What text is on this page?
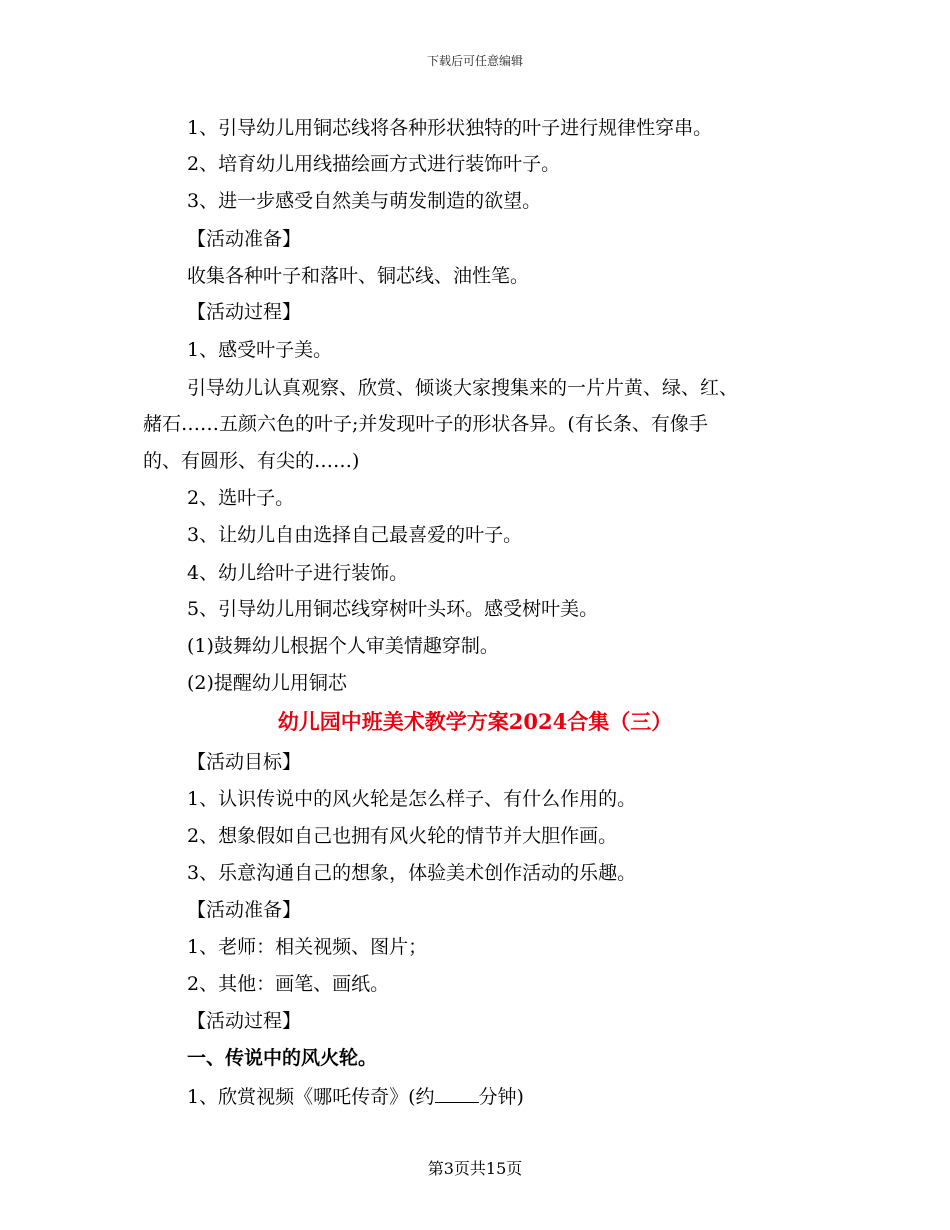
下载后可任意编辑
1、引导幼儿用铜芯线将各种形状独特的叶子进行规律性穿串。
2、培育幼儿用线描绘画方式进行装饰叶子。
3、进一步感受自然美与萌发制造的欲望。
【活动准备】
收集各种叶子和落叶、铜芯线、油性笔。
【活动过程】
1、感受叶子美。
引导幼儿认真观察、欣赏、倾谈大家搜集来的一片片黄、绿、红、
赭石……五颜六色的叶子;并发现叶子的形状各异。(有长条、有像手
的、有圆形、有尖的……)
2、选叶子。
3、让幼儿自由选择自己最喜爱的叶子。
4、幼儿给叶子进行装饰。
5、引导幼儿用铜芯线穿树叶头环。感受树叶美。
(1)鼓舞幼儿根据个人审美情趣穿制。
(2)提醒幼儿用铜芯
幼儿园中班美术教学方案2024合集（三）
【活动目标】
1、认识传说中的风火轮是怎么样子、有什么作用的。
2、想象假如自己也拥有风火轮的情节并大胆作画。
3、乐意沟通自己的想象，体验美术创作活动的乐趣。
【活动准备】
1、老师：相关视频、图片；
2、其他：画笔、画纸。
【活动过程】
一、传说中的风火轮。
1、欣赏视频《哪吒传奇》(约 分钟)
第3页共15页
